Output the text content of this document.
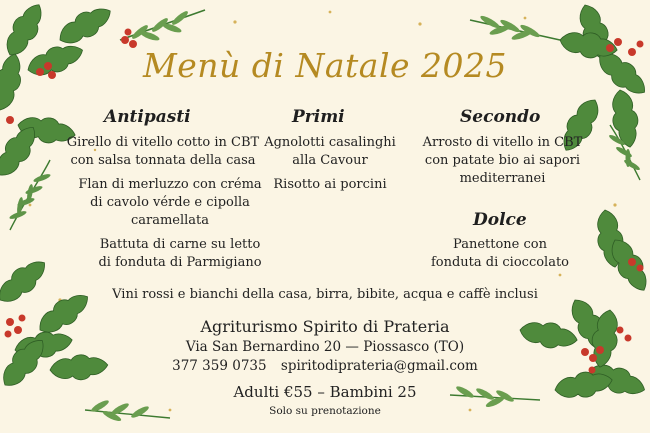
Menù di Natale 2025
Antipasti
Girello di vitello cotto in CBT
con salsa tonnata della casa
Flan di merluzzo con créma
di cavolo vérde e cipolla
caramellata
Battuta di carne su letto
di fonduta di Parmigiano
Primi
Agnolotti casalinghi
alla Cavour
Risotto ai porcini
Secondo
Arrosto di vitello in CBT
con patate bio ai sapori
mediterranei
Dolce
Panettone con
fonduta di cioccolato
Vini rossi e bianchi della casa, birra, bibite, acqua e caffè inclusi
Agriturismo Spirito di Prateria
Via San Bernardino 20 — Piossasco (TO)
377 359 0735 spiritodiprateria@gmail.com
Adulti €55 – Bambini 25
Solo su prenotazione
